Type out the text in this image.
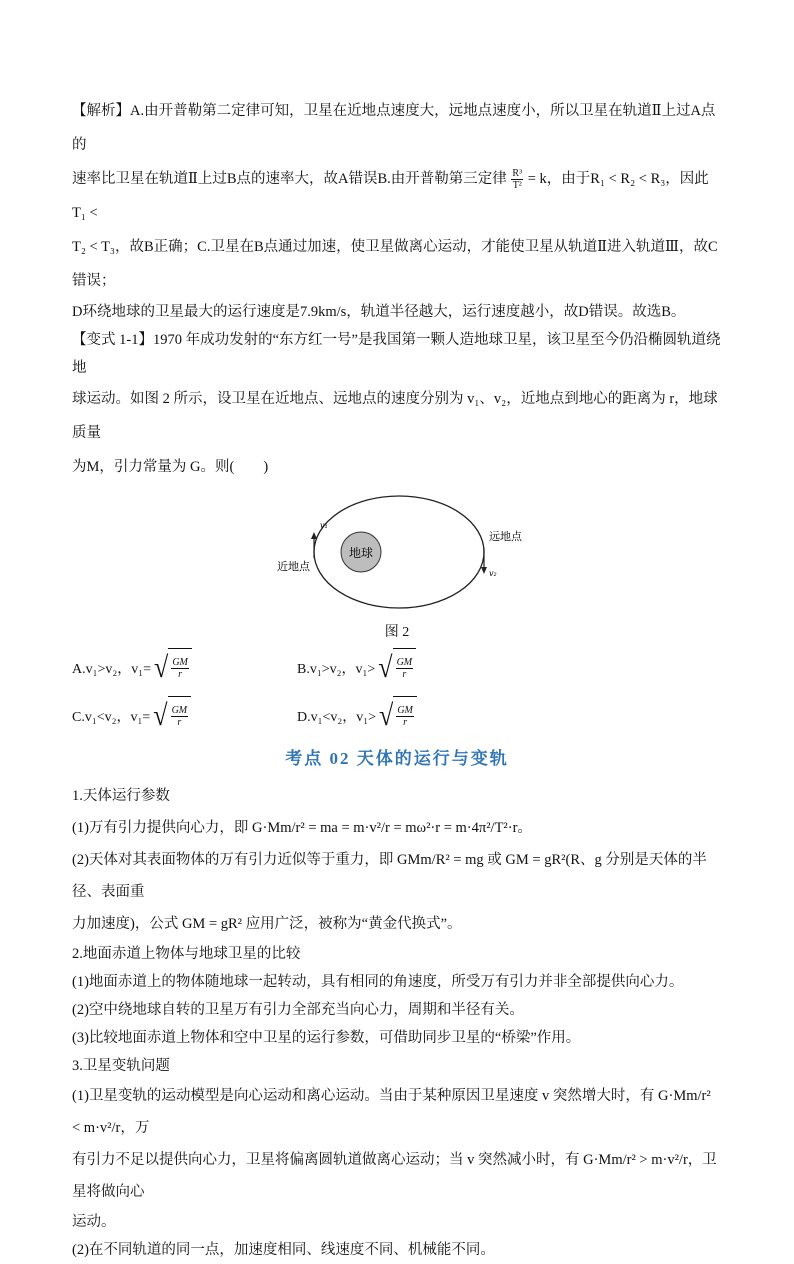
【解析】A.由开普勒第二定律可知，卫星在近地点速度大，远地点速度小，所以卫星在轨道Ⅱ上过A点的

速率比卫星在轨道Ⅱ上过B点的速率大，故A错误B.由开普勒第三定律 $\frac{\text{R³}}{\text{T²}} = k$，由于R₁ < R₂ < R₃，因此T₁ <

T₂ < T₃，故B正确；C.卫星在B点通过加速，使卫星做离心运动，才能使卫星从轨道Ⅱ进入轨道Ⅲ，故C

错误；

D环绕地球的卫星最大的运行速度是7.9km/s，轨道半径越大，运行速度越小，故D错误。故选B。

【变式 1-1】1970 年成功发射的“东方红一号”是我国第一颗人造地球卫星，该卫星至今仍沿椭圆轨道绕地

球运动。如图 2 所示，设卫星在近地点、远地点的速度分别为 v₁、v₂，近地点到地心的距离为 r，地球质量

为M，引力常量为 G。则(　　)

地球
近地点
远地点
v₁
v₂

图 2

A.v₁>v₂，v₁= √ $\frac{GM}{r}$	B.v₁>v₂，v₁> √ $\frac{GM}{r}$
C.v₁<v₂，v₁= √ $\frac{GM}{r}$	D.v₁<v₂，v₁> √ $\frac{GM}{r}$
考点 02 天体的运行与变轨

1.天体运行参数

(1)万有引力提供向心力，即 G·Mm/r² = ma = m·v²/r = mω²·r = m·4π²/T²·r。

(2)天体对其表面物体的万有引力近似等于重力，即 GMm/R² = mg 或 GM = gR²(R、g 分别是天体的半径、表面重

力加速度)，公式 GM = gR² 应用广泛，被称为“黄金代换式”。

2.地面赤道上物体与地球卫星的比较

(1)地面赤道上的物体随地球一起转动，具有相同的角速度，所受万有引力并非全部提供向心力。

(2)空中绕地球自转的卫星万有引力全部充当向心力，周期和半径有关。

(3)比较地面赤道上物体和空中卫星的运行参数，可借助同步卫星的“桥梁”作用。

3.卫星变轨问题

(1)卫星变轨的运动模型是向心运动和离心运动。当由于某种原因卫星速度 v 突然增大时，有 G·Mm/r² < m·v²/r，万

有引力不足以提供向心力，卫星将偏离圆轨道做离心运动；当 v 突然减小时，有 G·Mm/r² > m·v²/r，卫星将做向心

运动。

(2)在不同轨道的同一点，加速度相同、线速度不同、机械能不同。
